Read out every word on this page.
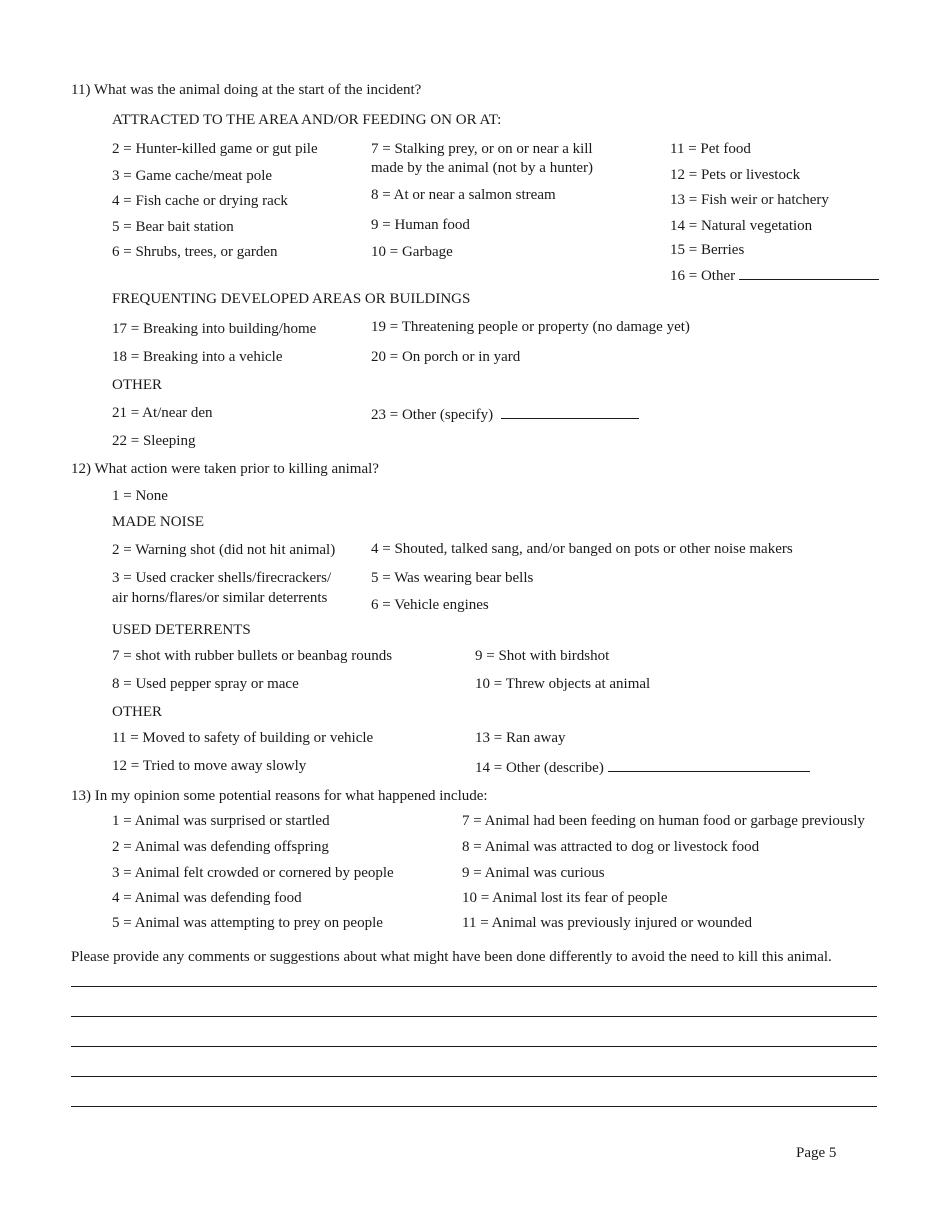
11) What was the animal doing at the start of the incident?
ATTRACTED TO THE AREA AND/OR FEEDING ON OR AT:
2 = Hunter-killed game or gut pile
3 = Game cache/meat pole
4 = Fish cache or drying rack
5 = Bear bait station
6 = Shrubs, trees, or garden
7 = Stalking prey, or on or near a kill
made by the animal (not by a hunter)
8 = At or near a salmon stream
9 = Human food
10 = Garbage
11 = Pet food
12 = Pets or livestock
13 = Fish weir or hatchery
14 = Natural vegetation
15 = Berries
16 = Other
FREQUENTING DEVELOPED AREAS OR BUILDINGS
17 = Breaking into building/home	19 = Threatening people or property (no damage yet)
18 = Breaking into a vehicle	20 = On porch or in yard
OTHER
21 = At/near den	23 = Other (specify)
22 = Sleeping
12) What action were taken prior to killing animal?
1 = None
MADE NOISE
2 = Warning shot (did not hit animal) 4 = Shouted, talked sang, and/or banged on pots or other noise makers
3 = Used cracker shells/firecrackers/
air horns/flares/or similar deterrents
5 = Was wearing bear bells
6 = Vehicle engines
USED DETERRENTS
7 = shot with rubber bullets or beanbag rounds	9 = Shot with birdshot
8 = Used pepper spray or mace	10 = Threw objects at animal
OTHER
11 = Moved to safety of building or vehicle	13 = Ran away
12 = Tried to move away slowly	14 = Other (describe)
13) In my opinion some potential reasons for what happened include:
1 = Animal was surprised or startled
2 = Animal was defending offspring
3 = Animal felt crowded or cornered by people
4 = Animal was defending food
5 = Animal was attempting to prey on people
7 = Animal had been feeding on human food or garbage previously
8 = Animal was attracted to dog or livestock food
9 = Animal was curious
10 = Animal lost its fear of people
11 = Animal was previously injured or wounded
Please provide any comments or suggestions about what might have been done differently to avoid the need to kill this animal.
Page 5
